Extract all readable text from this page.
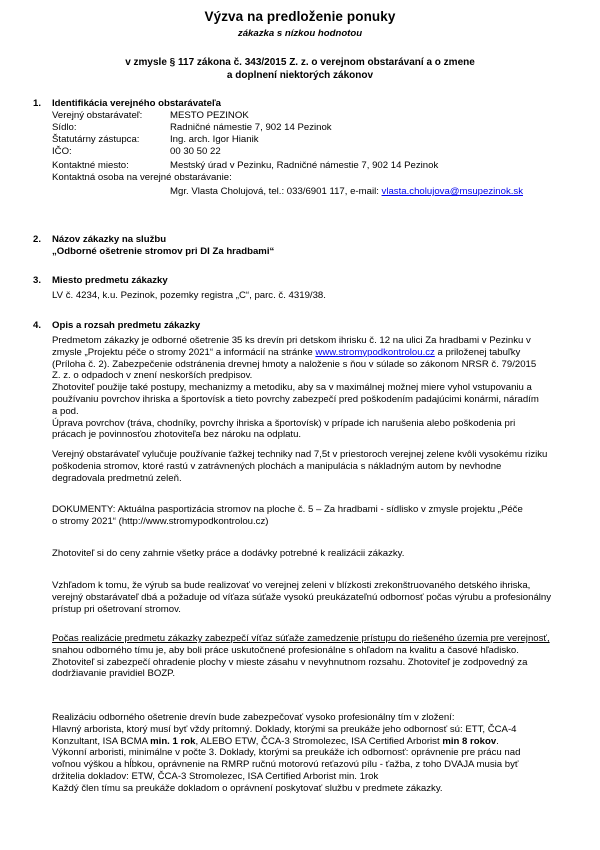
Výzva na predloženie ponuky
zákazka s nízkou hodnotou
v zmysle § 117 zákona č. 343/2015 Z. z. o verejnom obstarávaní a o zmene
a doplnení niektorých zákonov
1. Identifikácia verejného obstarávateľa
Verejný obstarávateľ:	MESTO PEZINOK
Sídlo:	Radničné námestie 7, 902 14 Pezinok
Štatutárny zástupca:	Ing. arch. Igor Hianik
IČO:	00 30 50 22
Kontaktné miesto:	Mestský úrad v Pezinku, Radničné námestie 7, 902 14 Pezinok
Kontaktná osoba na verejné obstarávanie:
Mgr. Vlasta Cholujová, tel.: 033/6901 117, e-mail: vlasta.cholujova@msupezinok.sk
2. Názov zákazky na službu
„Odborné ošetrenie stromov pri DI Za hradbami“
3. Miesto predmetu zákazky
LV č. 4234, k.u. Pezinok, pozemky registra „C“, parc. č. 4319/38.
4. Opis a rozsah predmetu zákazky
Predmetom zákazky je odborné ošetrenie 35 ks drevín pri detskom ihrisku č. 12 na ulici Za hradbami v Pezinku v
zmysle „Projektu péče o stromy 2021“ a informácií na stránke www.stromypodkontrolou.cz a priloženej tabuľky
(Príloha č. 2). Zabezpečenie odstránenia drevnej hmoty a naloženie s ňou v súlade so zákonom NRSR č. 79/2015
Z. z. o odpadoch v znení neskorších predpisov.
Zhotoviteľ použije také postupy, mechanizmy a metodiku, aby sa v maximálnej možnej miere vyhol vstupovaniu a
používaniu povrchov ihriska a športovísk a tieto povrchy zabezpečí pred poškodením padajúcimi konármi, náradím
a pod.
Úprava povrchov (tráva, chodníky, povrchy ihriska a športovísk) v prípade ich narušenia alebo poškodenia pri
prácach je povinnosťou zhotoviteľa bez nároku na odplatu.
Verejný obstarávateľ vylučuje používanie ťažkej techniky nad 7,5t v priestoroch verejnej zelene kvôli vysokému riziku
poškodenia stromov, ktoré rastú v zatrávnených plochách a manipulácia s nákladným autom by nevhodne
degradovala predmetnú zeleň.
DOKUMENTY: Aktuálna pasportizácia stromov na ploche č. 5 – Za hradbami - sídlisko v zmysle projektu „Péče
o stromy 2021“ (http://www.stromypodkontrolou.cz)
Zhotoviteľ si do ceny zahrnie všetky práce a dodávky potrebné k realizácii zákazky.
Vzhľadom k tomu, že výrub sa bude realizovať vo verejnej zeleni v blízkosti zrekonštruovaného detského ihriska,
verejný obstarávateľ dbá a požaduje od víťaza súťaže vysokú preukázateľnú odbornosť počas výrubu a profesionálny
prístup pri ošetrovaní stromov.
Počas realizácie predmetu zákazky zabezpečí víťaz súťaže zamedzenie prístupu do riešeného územia pre verejnosť,
snahou odborného tímu je, aby boli práce uskutočnené profesionálne s ohľadom na kvalitu a časové hľadisko.
Zhotoviteľ si zabezpečí ohradenie plochy v mieste zásahu v nevyhnutnom rozsahu. Zhotoviteľ je zodpovedný za
dodržiavanie pravidiel BOZP.
Realizáciu odborného ošetrenie drevín bude zabezpečovať vysoko profesionálny tím v zložení:
Hlavný arborista, ktorý musí byť vždy prítomný. Doklady, ktorými sa preukáže jeho odbornosť sú: ETT, ČCA-4
Konzultant, ISA BCMA min. 1 rok, ALEBO ETW, ČCA-3 Stromolezec, ISA Certified Arborist min 8 rokov.
Výkonní arboristi, minimálne v počte 3. Doklady, ktorými sa preukáže ich odbornosť: oprávnenie pre prácu nad
voľnou výškou a hĺbkou, oprávnenie na RMRP ručnú motorovú reťazovú pílu - ťažba, z toho DVAJA musia byť
držitelia dokladov: ETW, ČCA-3 Stromolezec, ISA Certified Arborist min. 1rok
Každý člen tímu sa preukáže dokladom o oprávnení poskytovať službu v predmete zákazky.
